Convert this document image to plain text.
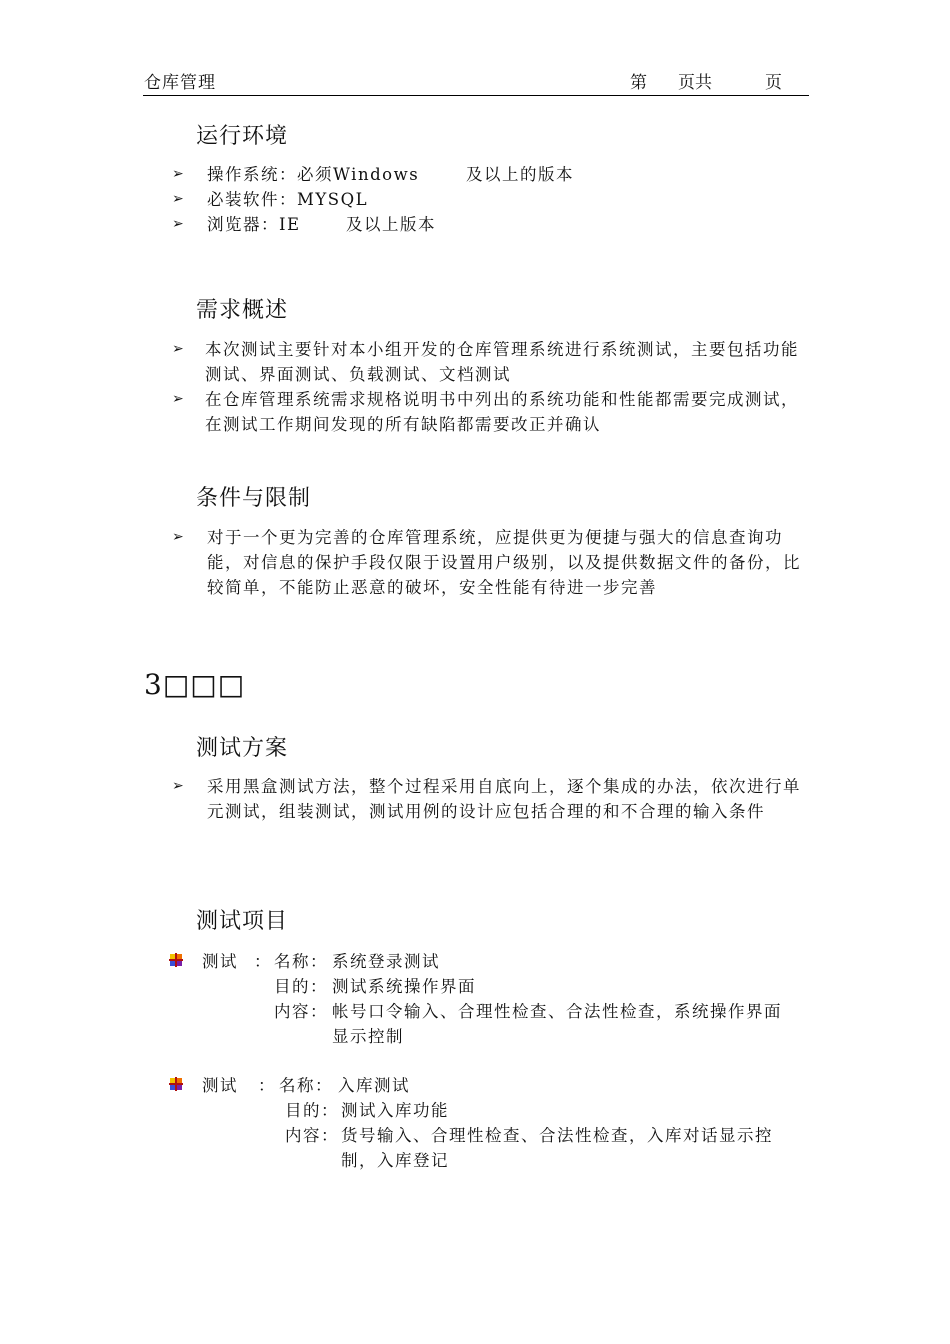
仓库管理	第 页共	页
运行环境
➢ 操作系统：必须Windows	及以上的版本
➢ 必装软件：MYSQL
➢ 浏览器：IE	及以上版本
需求概述
➢ 本次测试主要针对本小组开发的仓库管理系统进行系统测试，主要包括功能测试、界面测试、负载测试、文档测试
➢ 在仓库管理系统需求规格说明书中列出的系统功能和性能都需要完成测试，在测试工作期间发现的所有缺陷都需要改正并确认
条件与限制
➢ 对于一个更为完善的仓库管理系统，应提供更为便捷与强大的信息查询功能，对信息的保护手段仅限于设置用户级别，以及提供数据文件的备份，比较简单，不能防止恶意的破坏，安全性能有待进一步完善
3□□□
测试方案
➢ 采用黑盒测试方法，整个过程采用自底向上，逐个集成的办法，依次进行单元测试，组装测试，测试用例的设计应包括合理的和不合理的输入条件
测试项目
测试 ： 名称： 系统登录测试
目的： 测试系统操作界面
内容： 帐号口令输入、合理性检查、合法性检查，系统操作界面
显示控制
测试 ： 名称： 入库测试
目的： 测试入库功能
内容： 货号输入、合理性检查、合法性检查，入库对话显示控
制，入库登记
